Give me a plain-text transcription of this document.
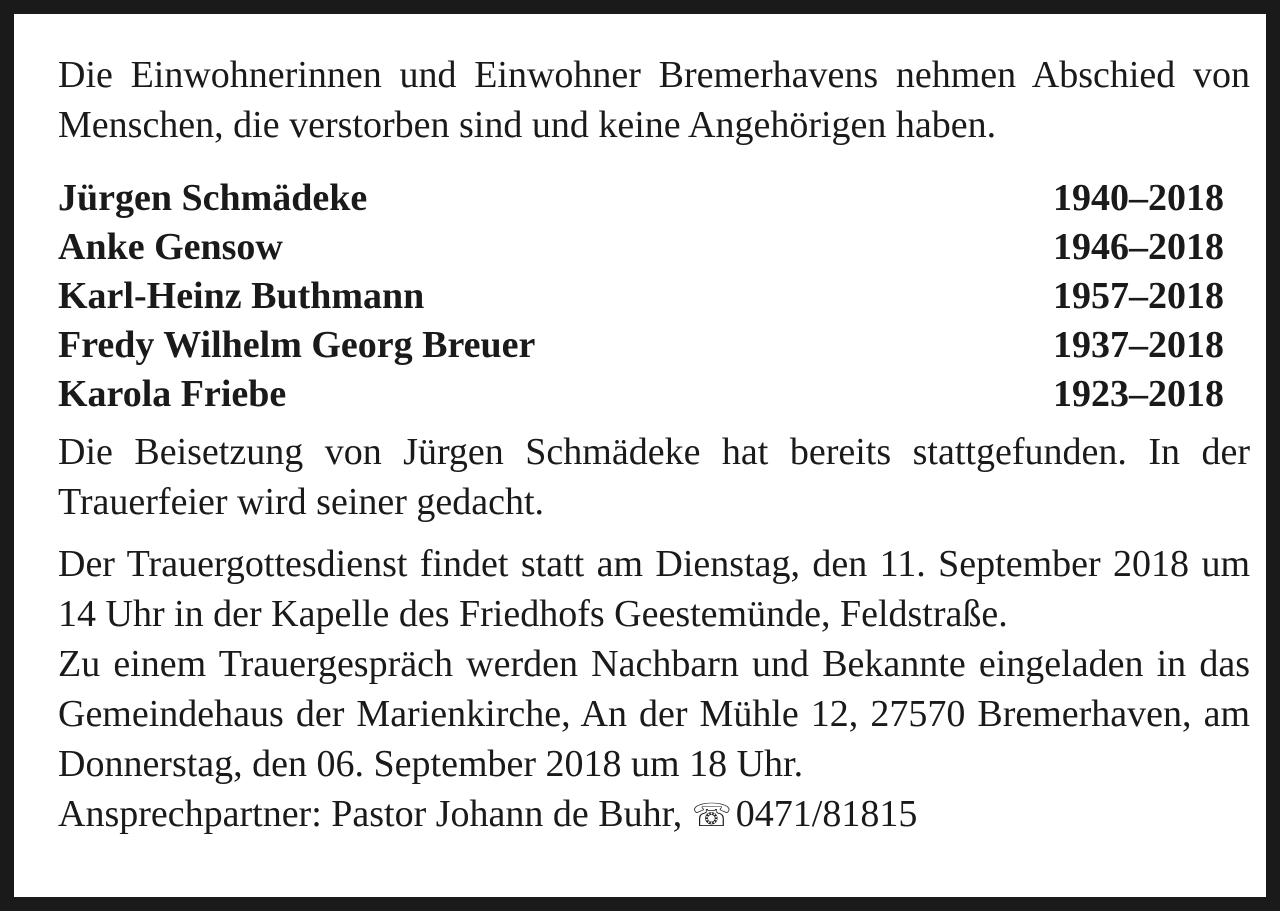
Die Einwohnerinnen und Einwohner Bremerhavens nehmen Abschied von Menschen, die verstorben sind und keine Angehörigen haben.

Jürgen Schmädeke	1940–2018
Anke Gensow	1946–2018
Karl-Heinz Buthmann	1957–2018
Fredy Wilhelm Georg Breuer	1937–2018
Karola Friebe	1923–2018

Die Beisetzung von Jürgen Schmädeke hat bereits stattgefunden. In der Trauerfeier wird seiner gedacht.

Der Trauergottesdienst findet statt am Dienstag, den 11. September 2018 um 14 Uhr in der Kapelle des Friedhofs Geestemünde, Feldstraße.

Zu einem Trauergespräch werden Nachbarn und Bekannte eingeladen in das Gemeindehaus der Marienkirche, An der Mühle 12, 27570 Bremerhaven, am Donnerstag, den 06. September 2018 um 18 Uhr.

Ansprechpartner: Pastor Johann de Buhr, ☏ 0471/81815
